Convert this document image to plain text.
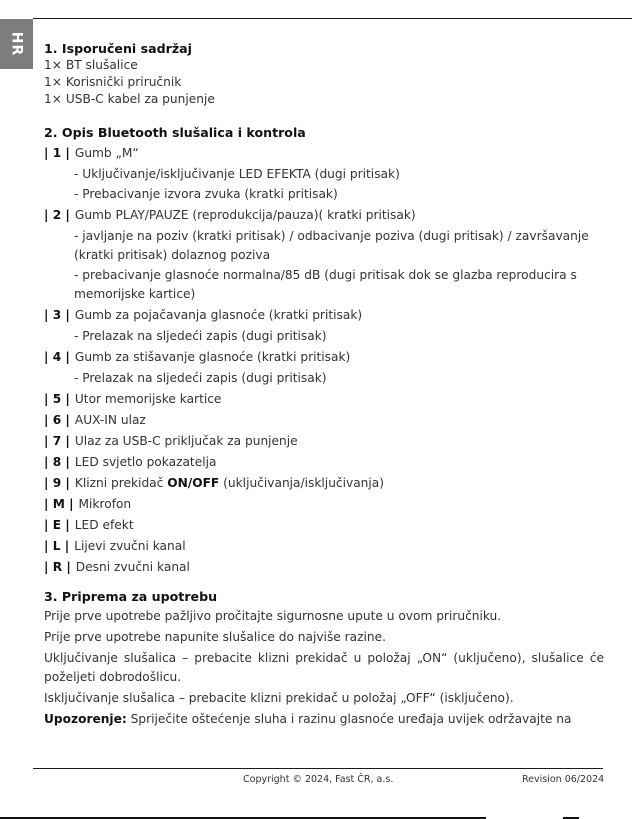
HR 1. Isporučeni sadržaj

1× BT slušalice

1× Korisnički priručnik

1× USB-C kabel za punjenje

2. Opis Bluetooth slušalica i kontrola

| 1 | Gumb „M“
- Uključivanje/isključivanje LED EFEKTA (dugi pritisak)
- Prebacivanje izvora zvuka (kratki pritisak)
| 2 | Gumb PLAY/PAUZE (reprodukcija/pauza)( kratki pritisak)
- javljanje na poziv (kratki pritisak) / odbacivanje poziva (dugi pritisak) / završavanje (kratki pritisak) dolaznog poziva
- prebacivanje glasnoće normalna/85 dB (dugi pritisak dok se glazba reproducira s memorijske kartice)
| 3 | Gumb za pojačavanja glasnoće (kratki pritisak)
- Prelazak na sljedeći zapis (dugi pritisak)
| 4 | Gumb za stišavanje glasnoće (kratki pritisak)
- Prelazak na sljedeći zapis (dugi pritisak)
| 5 | Utor memorijske kartice
| 6 | AUX-IN ulaz
| 7 | Ulaz za USB-C priključak za punjenje
| 8 | LED svjetlo pokazatelja
| 9 | Klizni prekidač ON/OFF (uključivanja/isključivanja)
| M | Mikrofon
| E | LED efekt
| L | Lijevi zvučni kanal
| R | Desni zvučni kanal

3. Priprema za upotrebu

Prije prve upotrebe pažljivo pročitajte sigurnosne upute u ovom priručniku.

Prije prve upotrebe napunite slušalice do najviše razine.

Uključivanje slušalica – prebacite klizni prekidač u položaj „ON“ (uključeno), slušalice će poželjeti dobrodošlicu.

Isključivanje slušalica – prebacite klizni prekidač u položaj „OFF“ (isključeno).

Upozorenje: Spriječite oštećenje sluha i razinu glasnoće uređaja uvijek održavajte na

Copyright © 2024, Fast ČR, a.s.	Revision 06/2024
